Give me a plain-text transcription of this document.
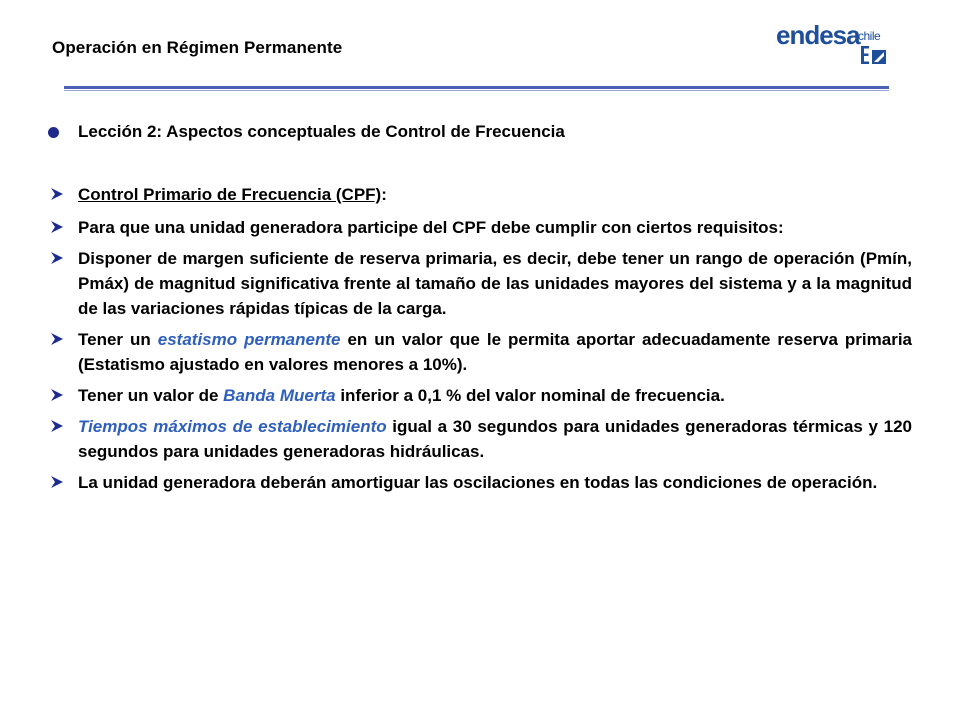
Operación en Régimen Permanente	endesa
chile
Lección 2: Aspectos conceptuales de Control de Frecuencia
Control Primario de Frecuencia (CPF):
Para que una unidad generadora participe del CPF debe cumplir con ciertos requisitos:
Disponer de margen suficiente de reserva primaria, es decir, debe tener un rango de operación (Pmín, Pmáx) de magnitud significativa frente al tamaño de las unidades mayores del sistema y a la magnitud de las variaciones rápidas típicas de la carga.
Tener un estatismo permanente en un valor que le permita aportar adecuadamente reserva primaria (Estatismo ajustado en valores menores a 10%).
Tener un valor de Banda Muerta inferior a 0,1 % del valor nominal de frecuencia.
Tiempos máximos de establecimiento igual a 30 segundos para unidades generadoras térmicas y 120 segundos para unidades generadoras hidráulicas.
La unidad generadora deberán amortiguar las oscilaciones en todas las condiciones de operación.
